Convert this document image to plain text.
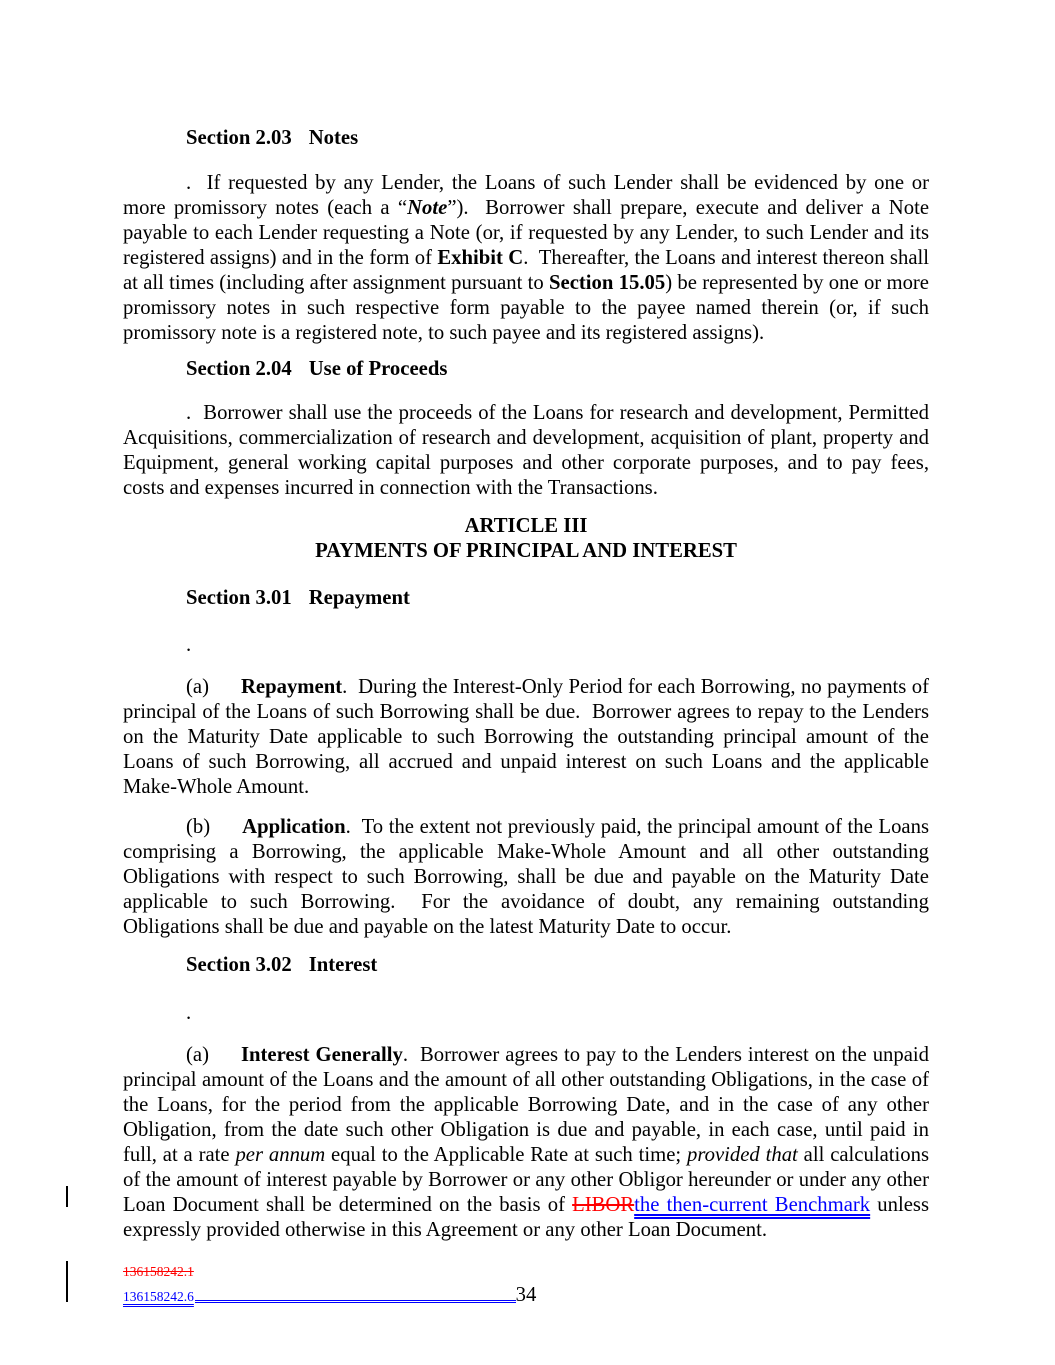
Section 2.03 Notes
.  If requested by any Lender, the Loans of such Lender shall be evidenced by one or more promissory notes (each a “Note”).  Borrower shall prepare, execute and deliver a Note payable to each Lender requesting a Note (or, if requested by any Lender, to such Lender and its registered assigns) and in the form of Exhibit C.  Thereafter, the Loans and interest thereon shall at all times (including after assignment pursuant to Section 15.05) be represented by one or more promissory notes in such respective form payable to the payee named therein (or, if such promissory note is a registered note, to such payee and its registered assigns).
Section 2.04 Use of Proceeds
.  Borrower shall use the proceeds of the Loans for research and development, Permitted Acquisitions, commercialization of research and development, acquisition of plant, property and Equipment, general working capital purposes and other corporate purposes, and to pay fees, costs and expenses incurred in connection with the Transactions.
ARTICLE III
PAYMENTS OF PRINCIPAL AND INTEREST
Section 3.01 Repayment
.
(a) Repayment.  During the Interest-Only Period for each Borrowing, no payments of principal of the Loans of such Borrowing shall be due.  Borrower agrees to repay to the Lenders on the Maturity Date applicable to such Borrowing the outstanding principal amount of the Loans of such Borrowing, all accrued and unpaid interest on such Loans and the applicable Make-Whole Amount.
(b) Application.  To the extent not previously paid, the principal amount of the Loans comprising a Borrowing, the applicable Make-Whole Amount and all other outstanding Obligations with respect to such Borrowing, shall be due and payable on the Maturity Date applicable to such Borrowing.  For the avoidance of doubt, any remaining outstanding Obligations shall be due and payable on the latest Maturity Date to occur.
Section 3.02 Interest
.
(a) Interest Generally.  Borrower agrees to pay to the Lenders interest on the unpaid principal amount of the Loans and the amount of all other outstanding Obligations, in the case of the Loans, for the period from the applicable Borrowing Date, and in the case of any other Obligation, from the date such other Obligation is due and payable, in each case, until paid in full, at a rate per annum equal to the Applicable Rate at such time; provided that all calculations of the amount of interest payable by Borrower or any other Obligor hereunder or under any other Loan Document shall be determined on the basis of LIBORthe then-current Benchmark unless expressly provided otherwise in this Agreement or any other Loan Document.
136158242.1
136158242.6	34
